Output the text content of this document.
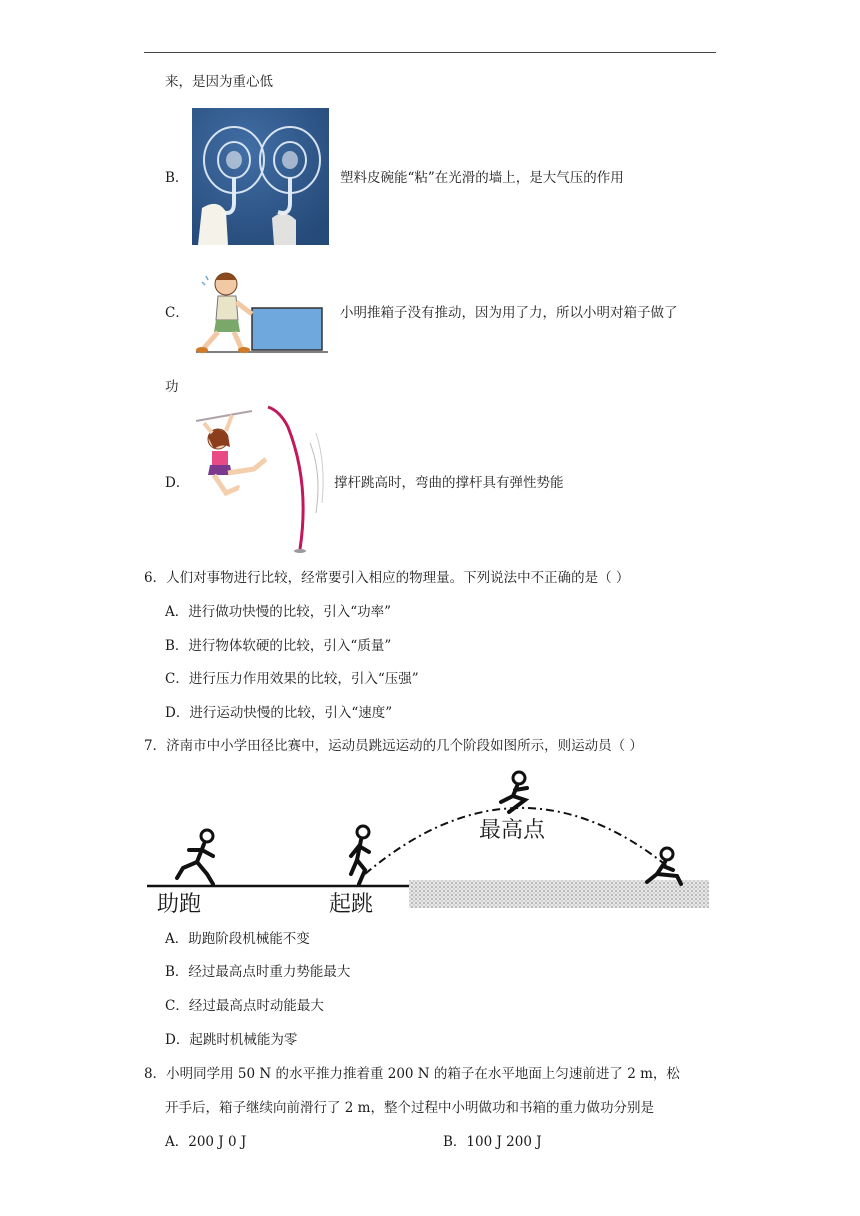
来，是因为重心低
B．	塑料皮碗能“粘”在光滑的墙上，是大气压的作用
C．	小明推箱子没有推动，因为用了力，所以小明对箱子做了
功
D．	撑杆跳高时，弯曲的撑杆具有弹性势能
6．人们对事物进行比较，经常要引入相应的物理量。下列说法中不正确的是（ ）
A．进行做功快慢的比较，引入“功率”
B．进行物体软硬的比较，引入“质量”
C．进行压力作用效果的比较，引入“压强”
D．进行运动快慢的比较，引入“速度”
7．济南市中小学田径比赛中，运动员跳远运动的几个阶段如图所示，则运动员（ ）
助跑	起跳
最高点
A．助跑阶段机械能不变
B．经过最高点时重力势能最大
C．经过最高点时动能最大
D．起跳时机械能为零
8．小明同学用 50 N 的水平推力推着重 200 N 的箱子在水平地面上匀速前进了 2 m，松
开手后，箱子继续向前滑行了 2 m，整个过程中小明做功和书箱的重力做功分别是
A．200 J 0 J	B．100 J 200 J
